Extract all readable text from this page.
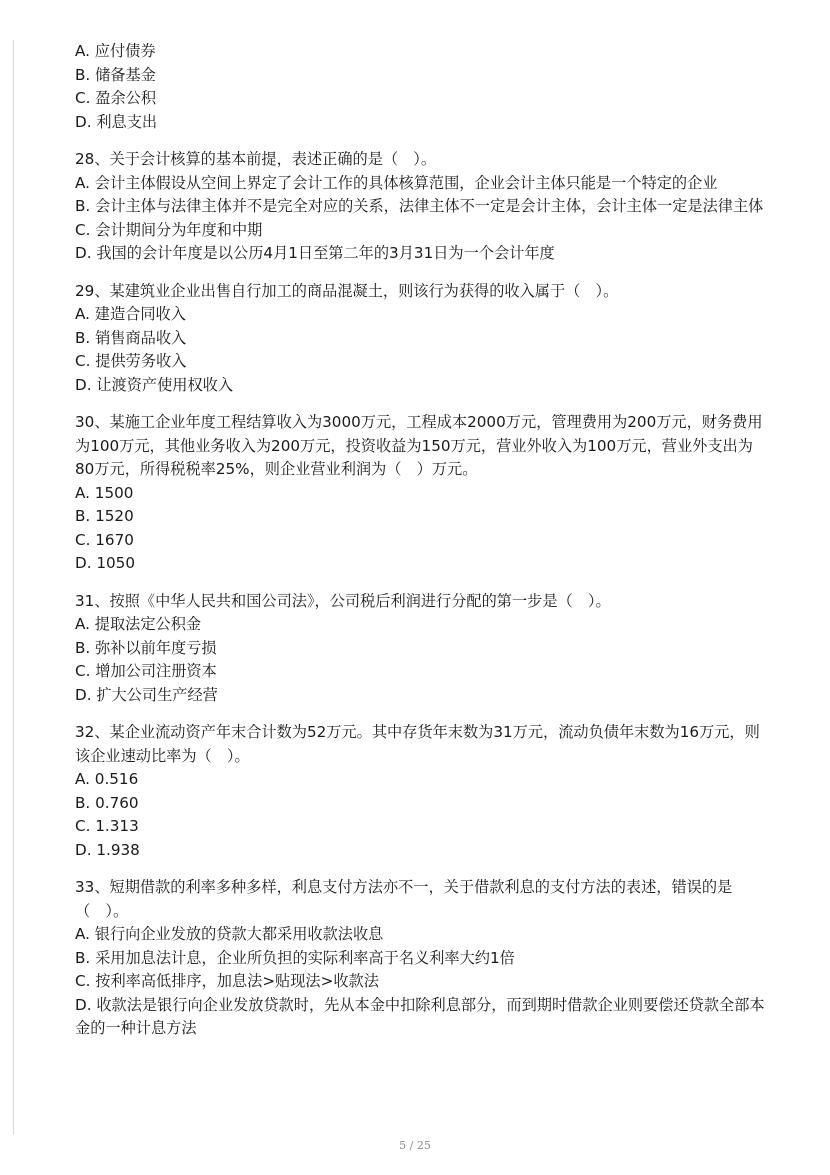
A. 应付债券

B. 储备基金

C. 盈余公积

D. 利息支出

28、关于会计核算的基本前提，表述正确的是（　）。

A. 会计主体假设从空间上界定了会计工作的具体核算范围，企业会计主体只能是一个特定的企业

B. 会计主体与法律主体并不是完全对应的关系，法律主体不一定是会计主体，会计主体一定是法律主体

C. 会计期间分为年度和中期

D. 我国的会计年度是以公历4月1日至第二年的3月31日为一个会计年度

29、某建筑业企业出售自行加工的商品混凝土，则该行为获得的收入属于（　）。

A. 建造合同收入

B. 销售商品收入

C. 提供劳务收入

D. 让渡资产使用权收入

30、某施工企业年度工程结算收入为3000万元，工程成本2000万元，管理费用为200万元，财务费用为100万元，其他业务收入为200万元，投资收益为150万元，营业外收入为100万元，营业外支出为80万元，所得税税率25%，则企业营业利润为（　）万元。

A. 1500

B. 1520

C. 1670

D. 1050

31、按照《中华人民共和国公司法》，公司税后利润进行分配的第一步是（　）。

A. 提取法定公积金

B. 弥补以前年度亏损

C. 增加公司注册资本

D. 扩大公司生产经营

32、某企业流动资产年末合计数为52万元。其中存货年末数为31万元，流动负债年末数为16万元，则该企业速动比率为（　）。

A. 0.516

B. 0.760

C. 1.313

D. 1.938

33、短期借款的利率多种多样，利息支付方法亦不一，关于借款利息的支付方法的表述，错误的是（　）。

A. 银行向企业发放的贷款大都采用收款法收息

B. 采用加息法计息，企业所负担的实际利率高于名义利率大约1倍

C. 按利率高低排序，加息法>贴现法>收款法

D. 收款法是银行向企业发放贷款时，先从本金中扣除利息部分，而到期时借款企业则要偿还贷款全部本金的一种计息方法

5 / 25
